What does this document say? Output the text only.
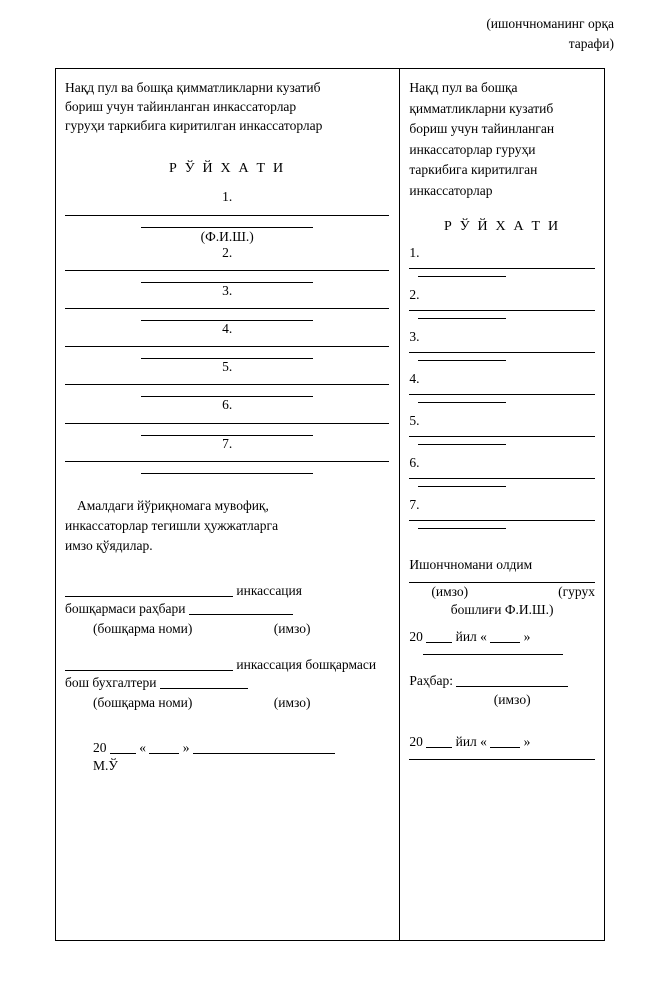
(ишончноманинг орқа
тарафи)
Нақд пул ва бошқа қимматликларни кузатиб
бориш учун тайинланган инкассаторлар
гуруҳи таркибига киритилган инкассаторлар
Р Ў Й Х А Т И
1.
(Ф.И.Ш.)
2.
3.
4.
5.
6.
7.
Амалдаги йўриқномага мувофиқ,
инкассаторлар тегишли ҳужжатларга
имзо қўядилар.
инкассация
бошқармаси раҳбари
(бошқарма номи)	(имзо)
инкассация бошқармаси
бош бухгалтери
(бошқарма номи)	(имзо)
20 «	»
М.Ў
Нақд пул ва бошқа
қимматликларни кузатиб
бориш учун тайинланган
инкассаторлар гуруҳи
таркибига киритилган
инкассаторлар
Р Ў Й Х А Т И
1.
2.
3.
4.
5.
6.
7.
Ишончномани олдим
(имзо)	(гурух
бошлиғи Ф.И.Ш.)
20 йил «	»
Раҳбар:
(имзо)
20 йил «	»
